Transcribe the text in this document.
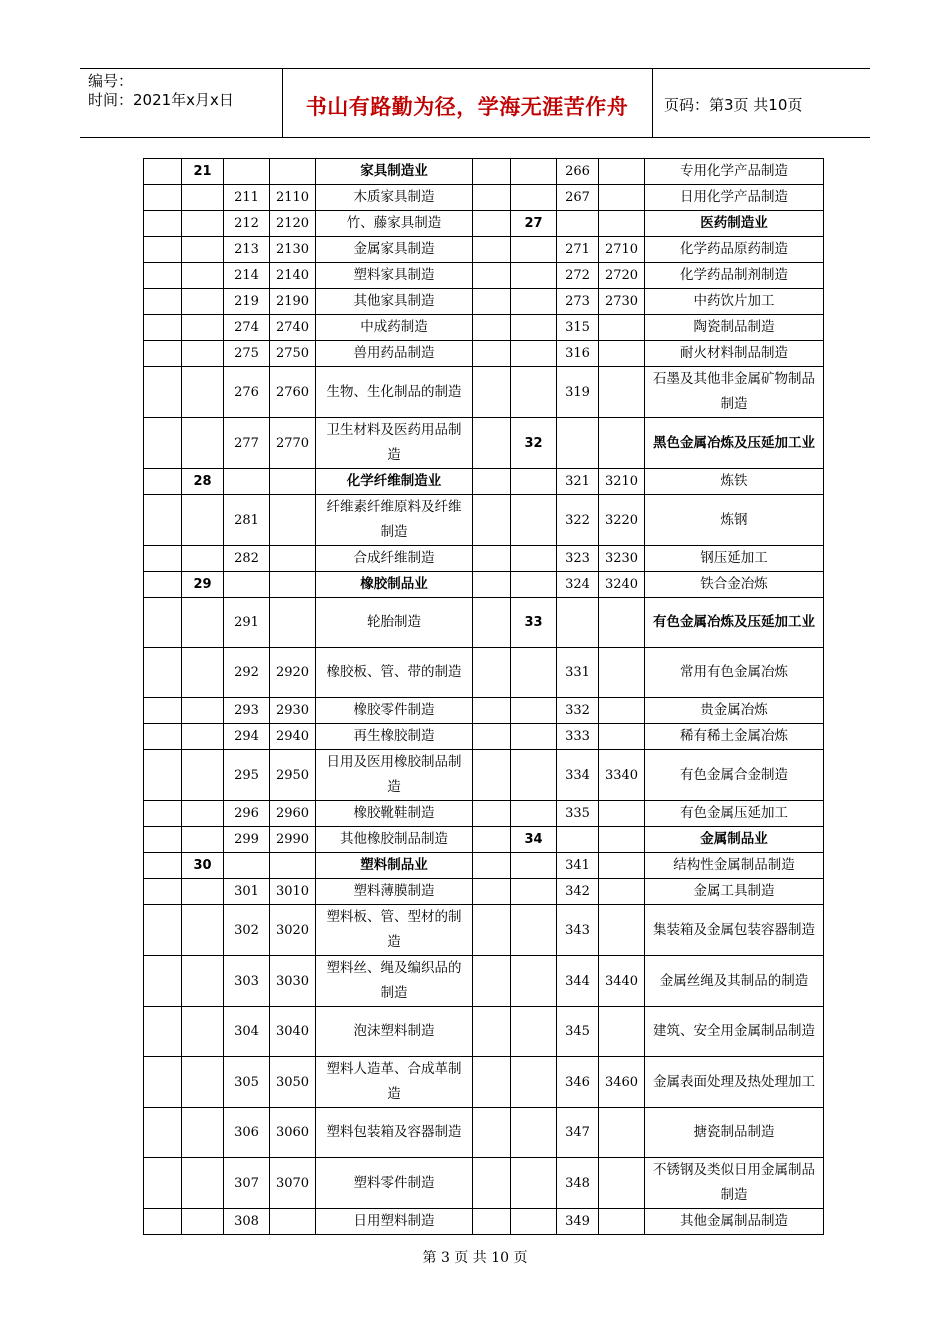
编号：
时间：2021年x月x日	书山有路勤为径，学海无涯苦作舟	页码：第3页 共10页
	21			家具制造业			266		专用化学产品制造
		211	2110	木质家具制造			267		日用化学产品制造
		212	2120	竹、藤家具制造		27			医药制造业
		213	2130	金属家具制造			271	2710	化学药品原药制造
		214	2140	塑料家具制造			272	2720	化学药品制剂制造
		219	2190	其他家具制造			273	2730	中药饮片加工
		274	2740	中成药制造			315		陶瓷制品制造
		275	2750	兽用药品制造			316		耐火材料制品制造
		276	2760	生物、生化制品的制造			319		石墨及其他非金属矿物制品制造
		277	2770	卫生材料及医药用品制造		32			黑色金属冶炼及压延加工业
	28			化学纤维制造业			321	3210	炼铁
		281		纤维素纤维原料及纤维制造			322	3220	炼钢
		282		合成纤维制造			323	3230	钢压延加工
	29			橡胶制品业			324	3240	铁合金冶炼
		291		轮胎制造		33			有色金属冶炼及压延加工业
		292	2920	橡胶板、管、带的制造			331		常用有色金属冶炼
		293	2930	橡胶零件制造			332		贵金属冶炼
		294	2940	再生橡胶制造			333		稀有稀土金属冶炼
		295	2950	日用及医用橡胶制品制造			334	3340	有色金属合金制造
		296	2960	橡胶靴鞋制造			335		有色金属压延加工
		299	2990	其他橡胶制品制造		34			金属制品业
	30			塑料制品业			341		结构性金属制品制造
		301	3010	塑料薄膜制造			342		金属工具制造
		302	3020	塑料板、管、型材的制造			343		集装箱及金属包装容器制造
		303	3030	塑料丝、绳及编织品的制造			344	3440	金属丝绳及其制品的制造
		304	3040	泡沫塑料制造			345		建筑、安全用金属制品制造
		305	3050	塑料人造革、合成革制造			346	3460	金属表面处理及热处理加工
		306	3060	塑料包装箱及容器制造			347		搪瓷制品制造
		307	3070	塑料零件制造			348		不锈钢及类似日用金属制品制造
		308		日用塑料制造			349		其他金属制品制造
第 3 页 共 10 页
